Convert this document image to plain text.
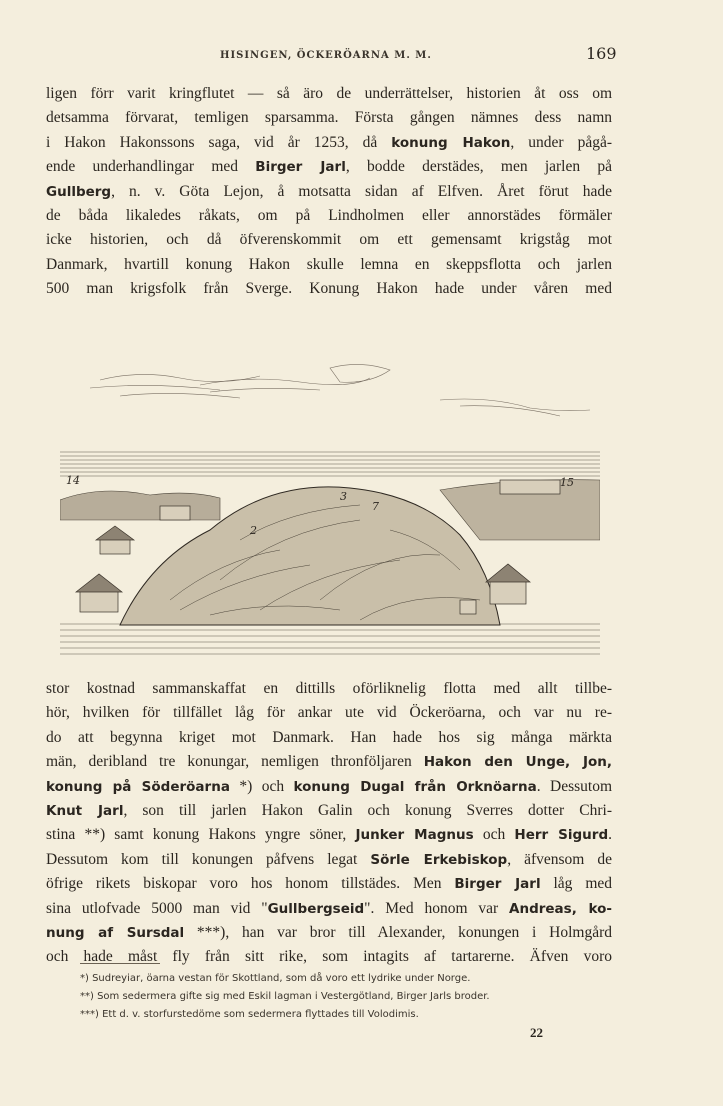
HISINGEN, ÖCKERÖARNA M. M.	169
ligen förr varit kringflutet — så äro de underrättelser, historien åt oss om
detsamma förvarat, temligen sparsamma. Första gången nämnes dess namn
i Hakon Hakonssons saga, vid år 1253, då konung Hakon, under pågå-
ende underhandlingar med Birger Jarl, bodde derstädes, men jarlen på
Gullberg, n. v. Göta Lejon, å motsatta sidan af Elfven. Året förut hade
de båda likaledes råkats, om på Lindholmen eller annorstädes förmäler
icke historien, och då öfverenskommit om ett gemensamt krigståg mot
Danmark, hvartill konung Hakon skulle lemna en skeppsflotta och jarlen
500 man krigsfolk från Sverge. Konung Hakon hade under våren med
14
2
3
7
15
stor kostnad sammanskaffat en dittills oförliknelig flotta med allt tillbe-
hör, hvilken för tillfället låg för ankar ute vid Öckeröarna, och var nu re-
do att begynna kriget mot Danmark. Han hade hos sig många märkta
män, deribland tre konungar, nemligen thronföljaren Hakon den Unge, Jon,
konung på Söderöarna *) och konung Dugal från Orknöarna. Dessutom
Knut Jarl, son till jarlen Hakon Galin och konung Sverres dotter Chri-
stina **) samt konung Hakons yngre söner, Junker Magnus och Herr Sigurd.
Dessutom kom till konungen påfvens legat Sörle Erkebiskop, äfvensom de
öfrige rikets biskopar voro hos honom tillstädes. Men Birger Jarl låg med
sina utlofvade 5000 man vid "Gullbergseid". Med honom var Andreas, ko-
nung af Sursdal ***), han var bror till Alexander, konungen i Holmgård
och hade måst fly från sitt rike, som intagits af tartarerne. Äfven voro
*) Sudreyiar, öarna vestan för Skottland, som då voro ett lydrike under Norge.
**) Som sedermera gifte sig med Eskil lagman i Vestergötland, Birger Jarls broder.
***) Ett d. v. storfurstedöme som sedermera flyttades till Volodimis.
22
